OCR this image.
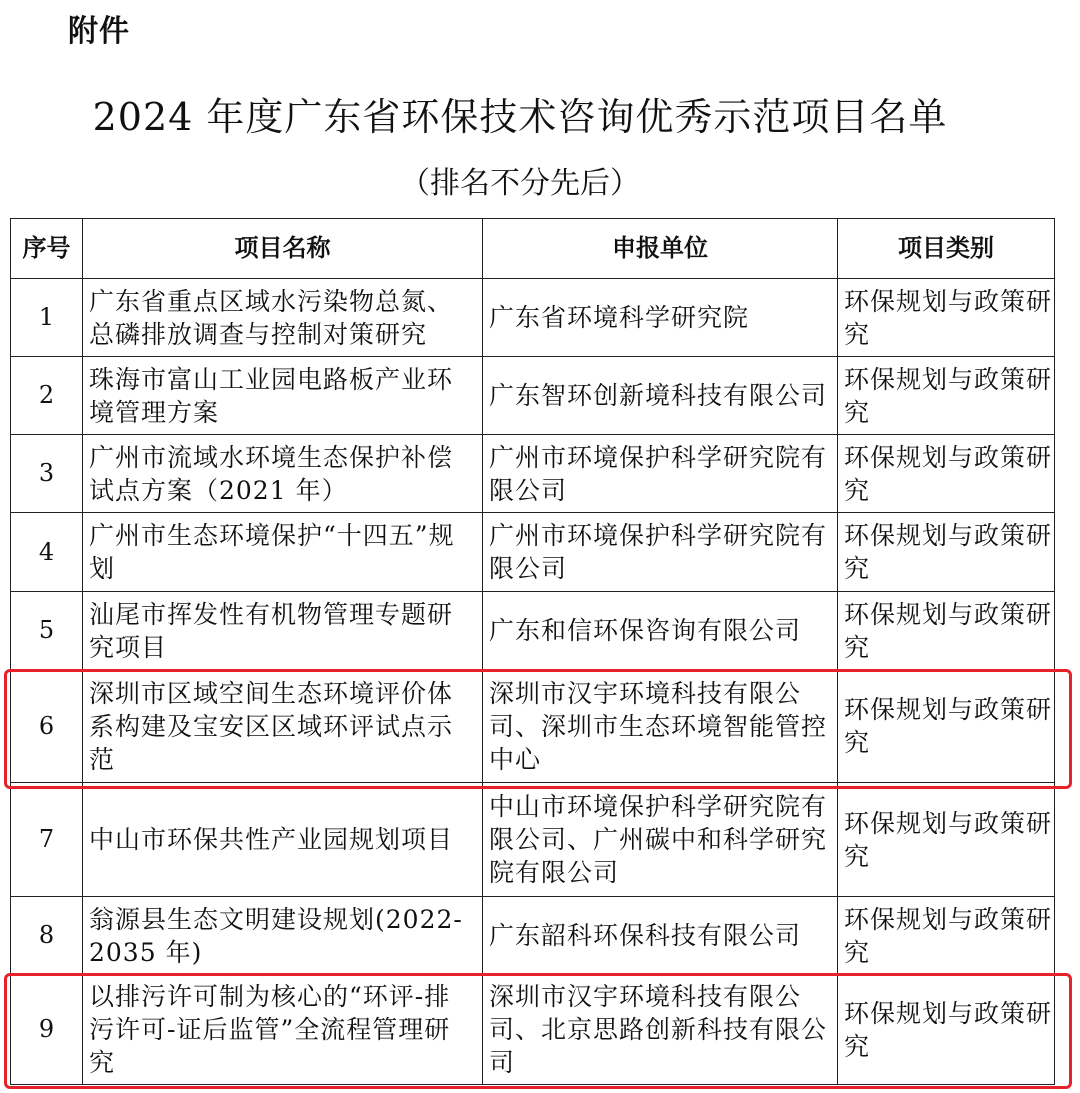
附件
2024 年度广东省环保技术咨询优秀示范项目名单
（排名不分先后）
序号	项目名称	申报单位	项目类别
1	广东省重点区域水污染物总氮、总磷排放调查与控制对策研究	广东省环境科学研究院	环保规划与政策研究
2	珠海市富山工业园电路板产业环境管理方案	广东智环创新境科技有限公司	环保规划与政策研究
3	广州市流域水环境生态保护补偿试点方案（2021 年）	广州市环境保护科学研究院有限公司	环保规划与政策研究
4	广州市生态环境保护“十四五”规划	广州市环境保护科学研究院有限公司	环保规划与政策研究
5	汕尾市挥发性有机物管理专题研究项目	广东和信环保咨询有限公司	环保规划与政策研究
6	深圳市区域空间生态环境评价体系构建及宝安区区域环评试点示范	深圳市汉宇环境科技有限公司、深圳市生态环境智能管控中心	环保规划与政策研究
7	中山市环保共性产业园规划项目	中山市环境保护科学研究院有限公司、广州碳中和科学研究院有限公司	环保规划与政策研究
8	翁源县生态文明建设规划(2022-2035 年)	广东韶科环保科技有限公司	环保规划与政策研究
9	以排污许可制为核心的“环评-排污许可-证后监管”全流程管理研究	深圳市汉宇环境科技有限公司、北京思路创新科技有限公司	环保规划与政策研究
